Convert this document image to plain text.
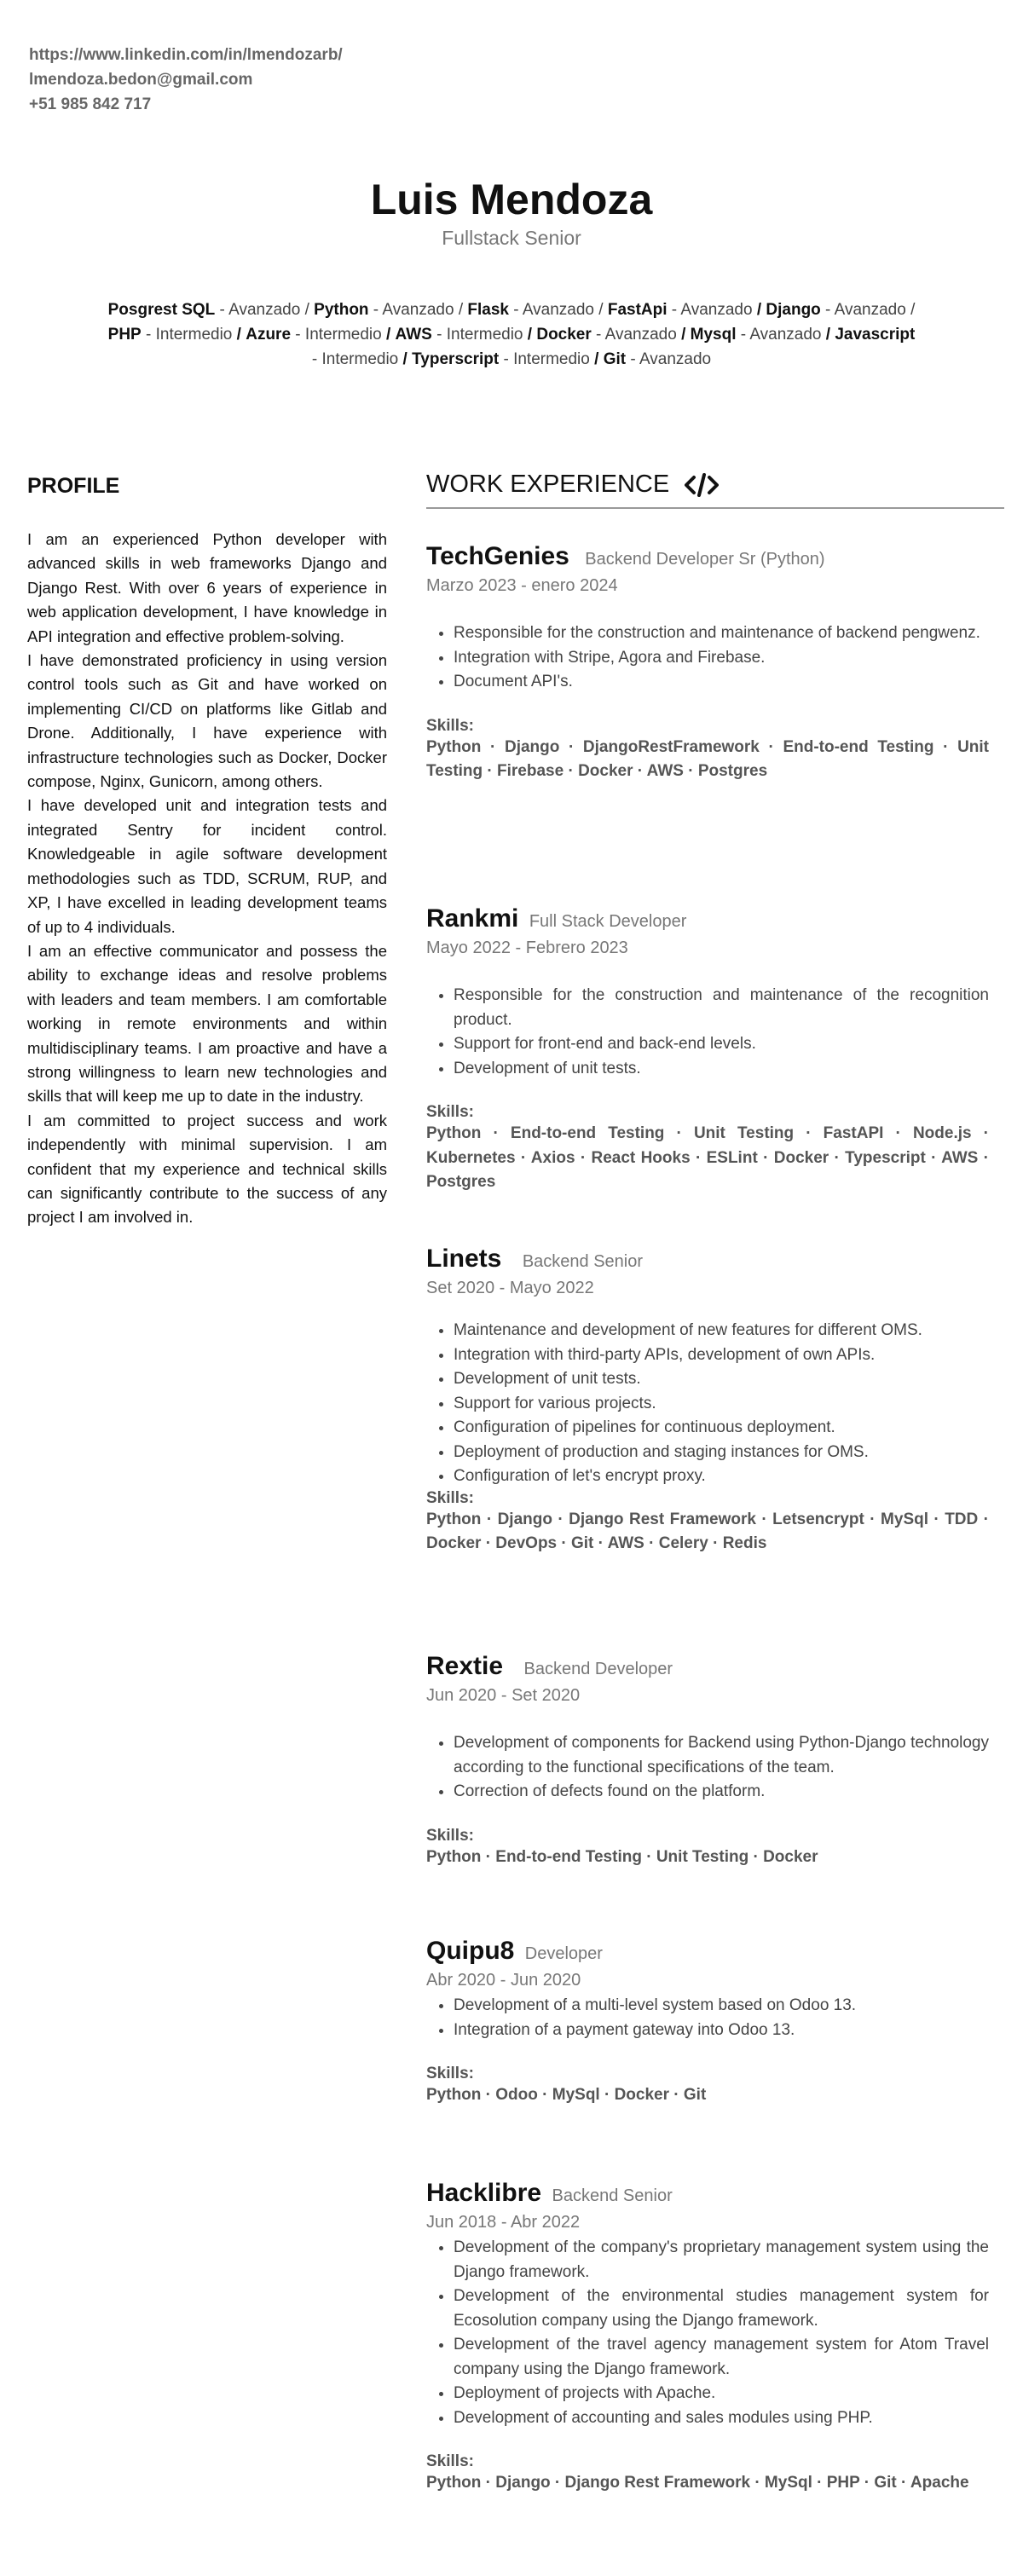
https://www.linkedin.com/in/lmendozarb/
lmendoza.bedon@gmail.com
+51 985 842 717
Luis Mendoza
Fullstack Senior
Posgrest SQL - Avanzado / Python - Avanzado / Flask - Avanzado / FastApi - Avanzado / Django - Avanzado /
PHP - Intermedio / Azure - Intermedio / AWS - Intermedio / Docker - Avanzado / Mysql - Avanzado / Javascript
- Intermedio / Typerscript - Intermedio / Git - Avanzado
PROFILE

I am an experienced Python developer with advanced skills in web frameworks Django and Django Rest. With over 6 years of experience in web application development, I have knowledge in API integration and effective problem-solving.

I have demonstrated proficiency in using version control tools such as Git and have worked on implementing CI/CD on platforms like Gitlab and Drone. Additionally, I have experience with infrastructure technologies such as Docker, Docker compose, Nginx, Gunicorn, among others.

I have developed unit and integration tests and integrated Sentry for incident control. Knowledgeable in agile software development methodologies such as TDD, SCRUM, RUP, and XP, I have excelled in leading development teams of up to 4 individuals.

I am an effective communicator and possess the ability to exchange ideas and resolve problems with leaders and team members. I am comfortable working in remote environments and within multidisciplinary teams. I am proactive and have a strong willingness to learn new technologies and skills that will keep me up to date in the industry.

I am committed to project success and work independently with minimal supervision. I am confident that my experience and technical skills can significantly contribute to the success of any project I am involved in.

WORK EXPERIENCE
TechGenies Backend Developer Sr (Python)
Marzo 2023 - enero 2024
• Responsible for the construction and maintenance of backend pengwenz.
• Integration with Stripe, Agora and Firebase.
• Document API's.
Skills:
Python · Django · DjangoRestFramework · End-to-end Testing · Unit Testing · Firebase · Docker · AWS · Postgres
Rankmi Full Stack Developer
Mayo 2022 - Febrero 2023
• Responsible for the construction and maintenance of the recognition product.
• Support for front-end and back-end levels.
• Development of unit tests.
Skills:
Python · End-to-end Testing · Unit Testing · FastAPI · Node.js · Kubernetes · Axios · React Hooks · ESLint · Docker · Typescript · AWS · Postgres
Linets Backend Senior
Set 2020 - Mayo 2022
• Maintenance and development of new features for different OMS.
• Integration with third-party APIs, development of own APIs.
• Development of unit tests.
• Support for various projects.
• Configuration of pipelines for continuous deployment.
• Deployment of production and staging instances for OMS.
• Configuration of let's encrypt proxy.
Skills:
Python · Django · Django Rest Framework · Letsencrypt · MySql · TDD · Docker · DevOps · Git · AWS · Celery · Redis
Rextie Backend Developer
Jun 2020 - Set 2020
• Development of components for Backend using Python-Django technology according to the functional specifications of the team.
• Correction of defects found on the platform.
Skills:
Python · End-to-end Testing · Unit Testing · Docker
Quipu8 Developer
Abr 2020 - Jun 2020
• Development of a multi-level system based on Odoo 13.
• Integration of a payment gateway into Odoo 13.
Skills:
Python · Odoo · MySql · Docker · Git
Hacklibre Backend Senior
Jun 2018 - Abr 2022
• Development of the company's proprietary management system using the Django framework.
• Development of the environmental studies management system for Ecosolution company using the Django framework.
• Development of the travel agency management system for Atom Travel company using the Django framework.
• Deployment of projects with Apache.
• Development of accounting and sales modules using PHP.
Skills:
Python · Django · Django Rest Framework · MySql · PHP · Git · Apache
